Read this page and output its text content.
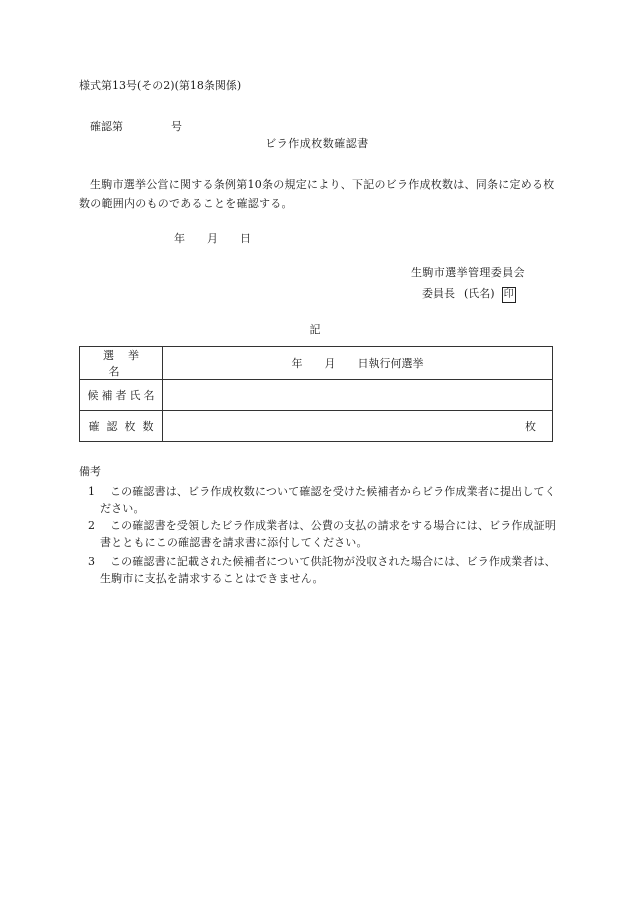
様式第13号(その2)(第18条関係)
確認第	号
ビラ作成枚数確認書
生駒市選挙公営に関する条例第10条の規定により、下記のビラ作成枚数は、同条に定める枚数の範囲内のものであることを確認する。
年 月 日
生駒市選挙管理委員会
委員長 (氏名) 印
記
選挙名	年 月 日執行何選挙
候補者氏名	
確認枚数	枚
備考
1 この確認書は、ビラ作成枚数について確認を受けた候補者からビラ作成業者に提出してください。
2 この確認書を受領したビラ作成業者は、公費の支払の請求をする場合には、ビラ作成証明書とともにこの確認書を請求書に添付してください。
3 この確認書に記載された候補者について供託物が没収された場合には、ビラ作成業者は、生駒市に支払を請求することはできません。
